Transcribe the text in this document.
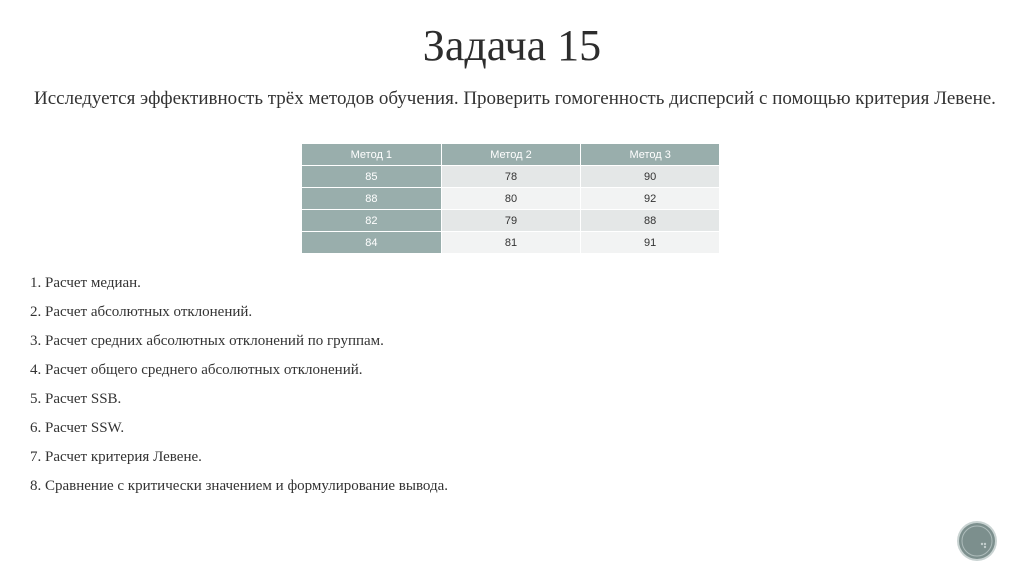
Задача 15
Исследуется эффективность трёх методов обучения. Проверить гомогенность дисперсий с помощью критерия Левене.
Метод 1	Метод 2	Метод 3
85	78	90
88	80	92
82	79	88
84	81	91
1. Расчет медиан.
2. Расчет абсолютных отклонений.
3. Расчет средних абсолютных отклонений по группам.
4. Расчет общего среднего абсолютных отклонений.
5. Расчет SSB.
6. Расчет SSW.
7. Расчет критерия Левене.
8. Сравнение с критически значением и формулирование вывода.
